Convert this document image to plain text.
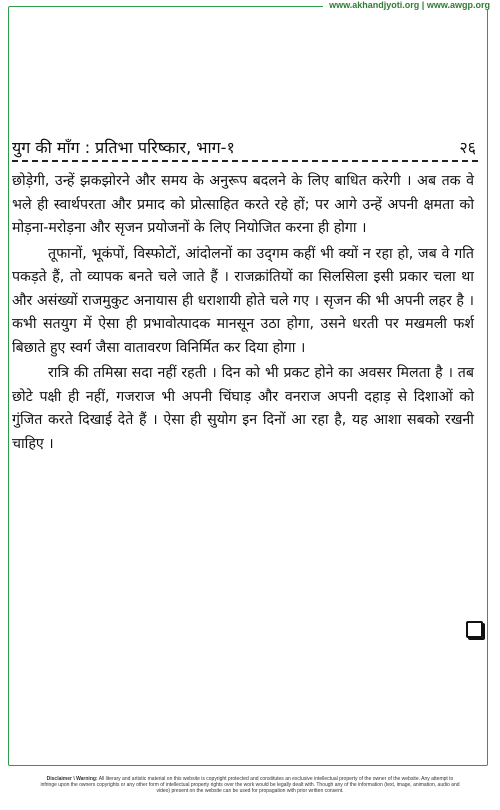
www.akhandjyoti.org | www.awgp.org
युग की माँग : प्रतिभा परिष्कार, भाग-१	२६

छोड़ेगी, उन्हें झकझोरने और समय के अनुरूप बदलने के लिए बाधित करेगी । अब तक वे भले ही स्वार्थपरता और प्रमाद को प्रोत्साहित करते रहे हों; पर आगे उन्हें अपनी क्षमता को मोड़ना-मरोड़ना और सृजन प्रयोजनों के लिए नियोजित करना ही होगा ।

तूफानों, भूकंपों, विस्फोटों, आंदोलनों का उद्‍गम कहीं भी क्यों न रहा हो, जब वे गति पकड़ते हैं, तो व्यापक बनते चले जाते हैं । राजक्रांतियों का सिलसिला इसी प्रकार चला था और असंख्यों राजमुकुट अनायास ही धराशायी होते चले गए । सृजन की भी अपनी लहर है । कभी सतयुग में ऐसा ही प्रभावोत्पादक मानसून उठा होगा, उसने धरती पर मखमली फर्श बिछाते हुए स्वर्ग जैसा वातावरण विनिर्मित कर दिया होगा ।

रात्रि की तमिस्रा सदा नहीं रहती । दिन को भी प्रकट होने का अवसर मिलता है । तब छोटे पक्षी ही नहीं, गजराज भी अपनी चिंघाड़ और वनराज अपनी दहाड़ से दिशाओं को गुंजित करते दिखाई देते हैं । ऐसा ही सुयोग इन दिनों आ रहा है, यह आशा सबको रखनी चाहिए ।

Disclaimer \ Warning: All literary and artistic material on this website is copyright protected and constitutes an exclusive intellectual property of the owner of the website. Any attempt to infringe upon the owners copyrights or any other form of intellectual property rights over the work would be legally dealt with. Though any of the information (text, image, animation, audio and video) present on the website can be used for propagation with prior written consent.
